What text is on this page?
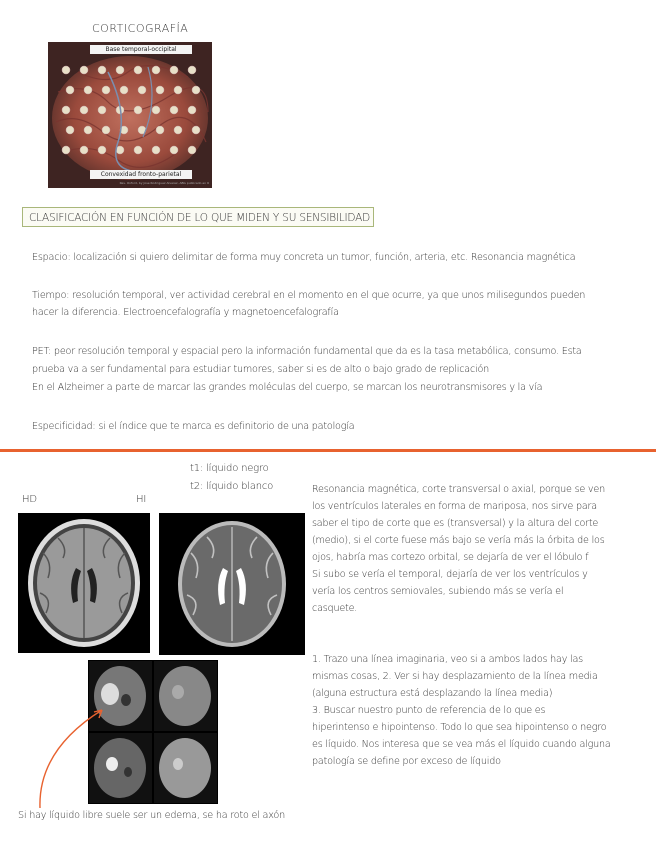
CORTICOGRAFÍA
Base temporal-occipital
Convexidad fronto-parietal
Rev. Oxford, by Jose Rodriguez Alvarez, ABG publicado en 6
CLASIFICACIÓN EN FUNCIÓN DE LO QUE MIDEN Y SU SENSIBILIDAD
Espacio: localización si quiero delimitar de forma muy concreta un tumor, función, arteria, etc. Resonancia magnética
Tiempo: resolución temporal, ver actividad cerebral en el momento en el que ocurre, ya que unos milisegundos pueden
hacer la diferencia. Electroencefalografía y magnetoencefalografía
PET: peor resolución temporal y espacial pero la información fundamental que da es la tasa metabólica, consumo. Esta
prueba va a ser fundamental para estudiar tumores, saber si es de alto o bajo grado de replicación
En el Alzheimer a parte de marcar las grandes moléculas del cuerpo, se marcan los neurotransmisores y la vía
Especificidad: si el índice que te marca es definitorio de una patología
HD	HI
t1: líquido negro
t2: líquido blanco	Resonancia magnética, corte transversal o axial, porque se ven
los ventrículos laterales en forma de mariposa, nos sirve para
saber el tipo de corte que es (transversal) y la altura del corte
(medio), si el corte fuese más bajo se vería más la órbita de los
ojos, habría mas cortezo orbital, se dejaría de ver el lóbulo f
Si subo se vería el temporal, dejaría de ver los ventrículos y
vería los centros semiovales, subiendo más se vería el
casquete.
1. Trazo una línea imaginaria, veo si a ambos lados hay las
mismas cosas, 2. Ver si hay desplazamiento de la línea media
(alguna estructura está desplazando la línea media)
3. Buscar nuestro punto de referencia de lo que es
hiperintenso e hipointenso. Todo lo que sea hipointenso o negro
es líquido. Nos interesa que se vea más el líquido cuando alguna
patología se define por exceso de líquido
Si hay líquido libre suele ser un edema, se ha roto el axón
